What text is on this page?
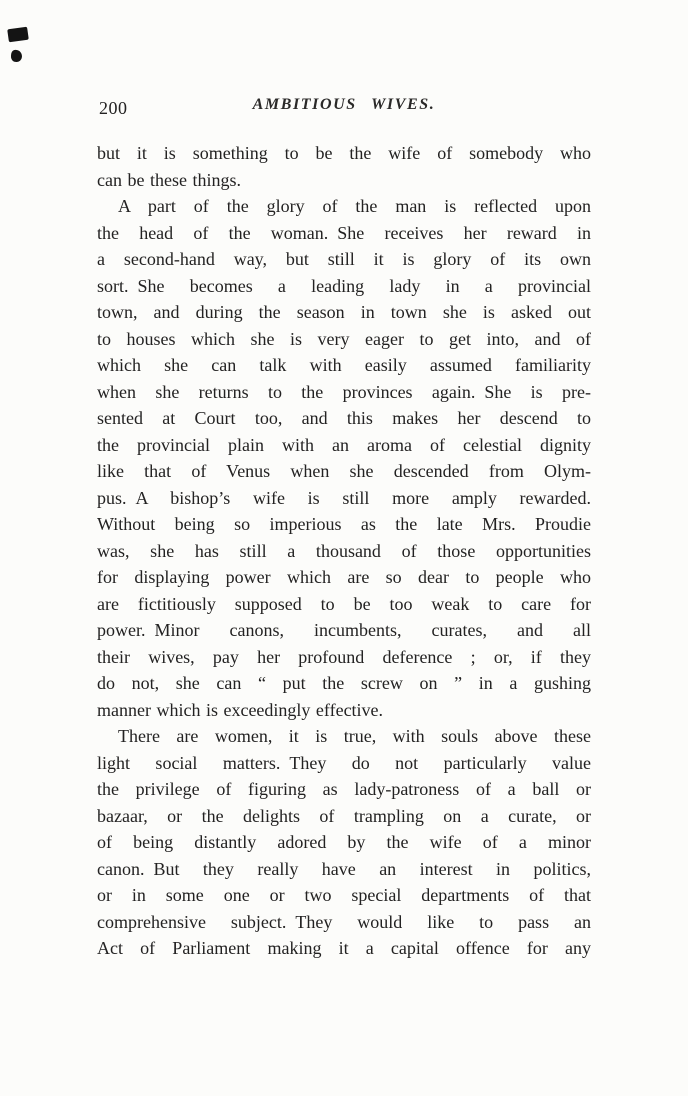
200	AMBITIOUS WIVES.
but it is something to be the wife of somebody who
can be these things.
A part of the glory of the man is reflected upon
the head of the woman. She receives her reward in
a second-hand way, but still it is glory of its own
sort. She becomes a leading lady in a provincial
town, and during the season in town she is asked out
to houses which she is very eager to get into, and of
which she can talk with easily assumed familiarity
when she returns to the provinces again. She is pre-
sented at Court too, and this makes her descend to
the provincial plain with an aroma of celestial dignity
like that of Venus when she descended from Olym-
pus. A bishop’s wife is still more amply rewarded.
Without being so imperious as the late Mrs. Proudie
was, she has still a thousand of those opportunities
for displaying power which are so dear to people who
are fictitiously supposed to be too weak to care for
power. Minor canons, incumbents, curates, and all
their wives, pay her profound deference ; or, if they
do not, she can “ put the screw on ” in a gushing
manner which is exceedingly effective.
There are women, it is true, with souls above these
light social matters. They do not particularly value
the privilege of figuring as lady-patroness of a ball or
bazaar, or the delights of trampling on a curate, or
of being distantly adored by the wife of a minor
canon. But they really have an interest in politics,
or in some one or two special departments of that
comprehensive subject. They would like to pass an
Act of Parliament making it a capital offence for any
